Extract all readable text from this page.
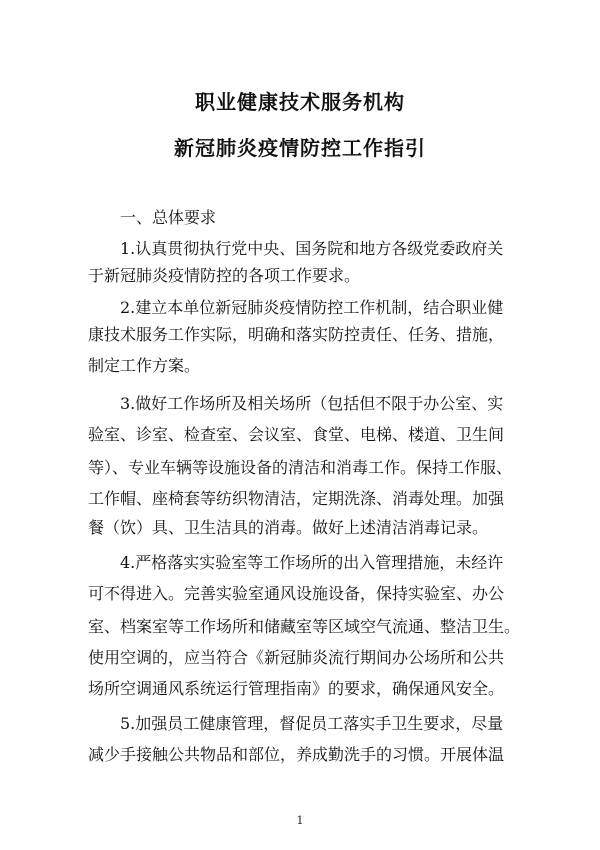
职业健康技术服务机构
新冠肺炎疫情防控工作指引
一、总体要求
1.认真贯彻执行党中央、国务院和地方各级党委政府关
于新冠肺炎疫情防控的各项工作要求。
2.建立本单位新冠肺炎疫情防控工作机制，结合职业健
康技术服务工作实际，明确和落实防控责任、任务、措施，
制定工作方案。
3.做好工作场所及相关场所（包括但不限于办公室、实
验室、诊室、检查室、会议室、食堂、电梯、楼道、卫生间
等）、专业车辆等设施设备的清洁和消毒工作。保持工作服、
工作帽、座椅套等纺织物清洁，定期洗涤、消毒处理。加强
餐（饮）具、卫生洁具的消毒。做好上述清洁消毒记录。
4.严格落实实验室等工作场所的出入管理措施，未经许
可不得进入。完善实验室通风设施设备，保持实验室、办公
室、档案室等工作场所和储藏室等区域空气流通、整洁卫生。
使用空调的，应当符合《新冠肺炎流行期间办公场所和公共
场所空调通风系统运行管理指南》的要求，确保通风安全。
5.加强员工健康管理，督促员工落实手卫生要求，尽量
减少手接触公共物品和部位，养成勤洗手的习惯。开展体温
1
